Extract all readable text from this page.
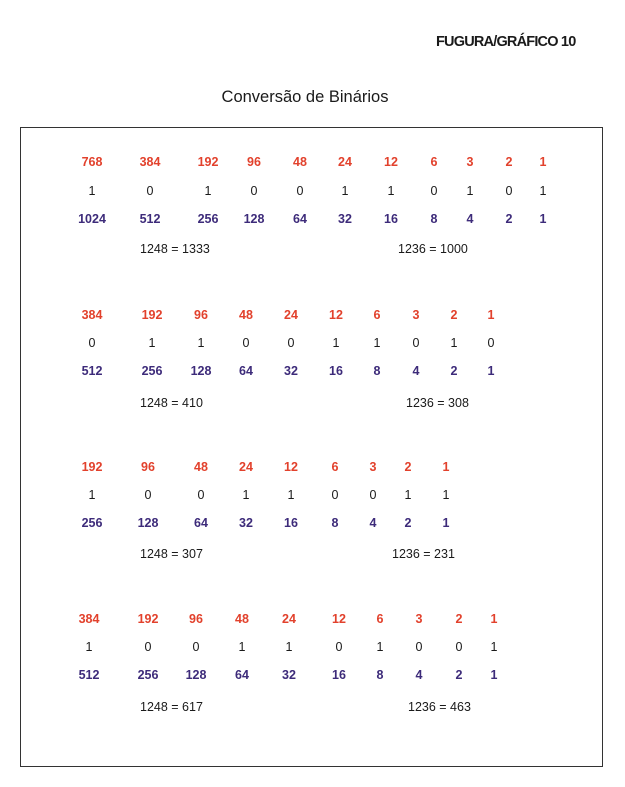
FUGURA/GRÁFICO 10
Conversão de Binários
768	384	192 96	48 24	12	6 3	2 1
1	0	1	0	0	1	1	0 1	0 1
1024	512	256 128 64 32	16	8 4	2 1
1248 = 1333	1236 = 1000
384	192	96 48 24 12 6	3 2 1
0	1	1	0	0	1	1	0 1 0
512	256 128 64 32 16 8	4 2 1
1248 = 410	1236 = 308
192	96	48 24 12	6 3 2 1
1	0	0	1	1	0 0 1 1
256	128	64 32 16	8 4 2 1
1248 = 307	1236 = 231
384	192 96	48	24	12 6	3	2 1
1	0	0	1	1	0	1	0	0 1
512	256 128 64	32	16 8	4	2 1
1248 = 617	1236 = 463
